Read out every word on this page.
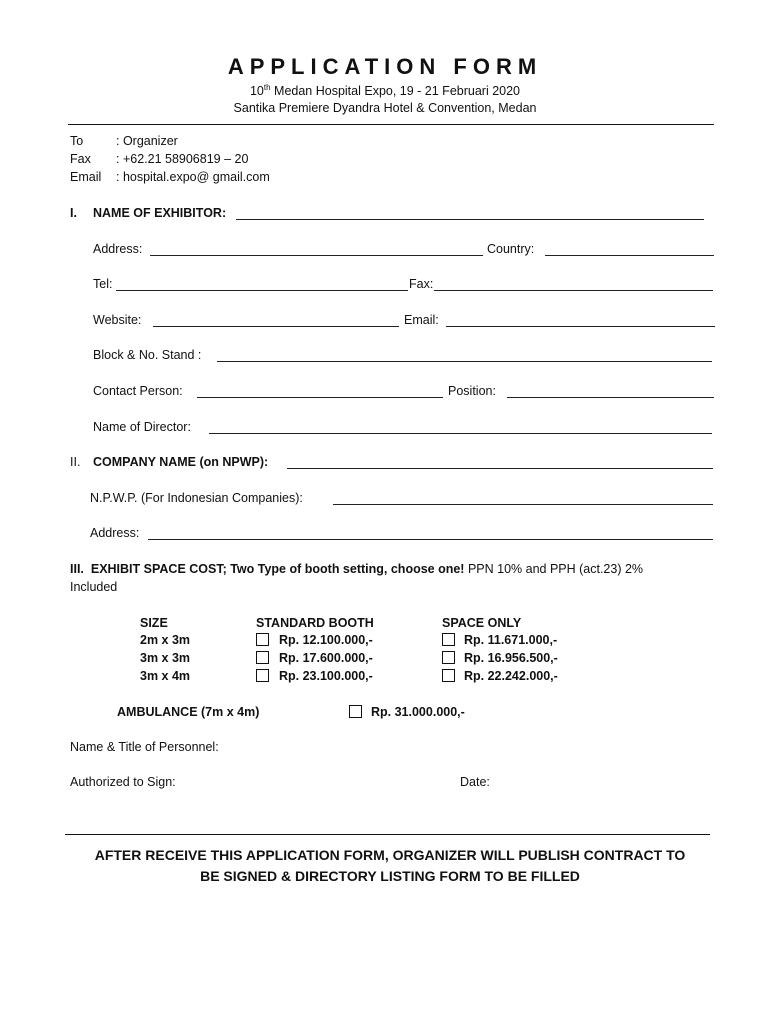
APPLICATION FORM
10th Medan Hospital Expo, 19 - 21 Februari 2020
Santika Premiere Dyandra Hotel & Convention, Medan
To	: Organizer
Fax : +62.21 58906819 – 20
Email : hospital.expo@ gmail.com
I. NAME OF EXHIBITOR:
Address:	Country:
Tel:	Fax:
Website:	Email:
Block & No. Stand :
Contact Person:	Position:
Name of Director:
II. COMPANY NAME (on NPWP):
N.P.W.P. (For Indonesian Companies):
Address:
III. EXHIBIT SPACE COST; Two Type of booth setting, choose one! PPN 10% and PPH (act.23) 2%
Included
SIZE	STANDARD BOOTH	SPACE ONLY
2m x 3m	Rp. 12.100.000,-	Rp. 11.671.000,-
3m x 3m	Rp. 17.600.000,-	Rp. 16.956.500,-
3m x 4m	Rp. 23.100.000,-	Rp. 22.242.000,-
AMBULANCE (7m x 4m)	Rp. 31.000.000,-
Name & Title of Personnel:
Authorized to Sign:	Date:
AFTER RECEIVE THIS APPLICATION FORM, ORGANIZER WILL PUBLISH CONTRACT TO
BE SIGNED & DIRECTORY LISTING FORM TO BE FILLED
